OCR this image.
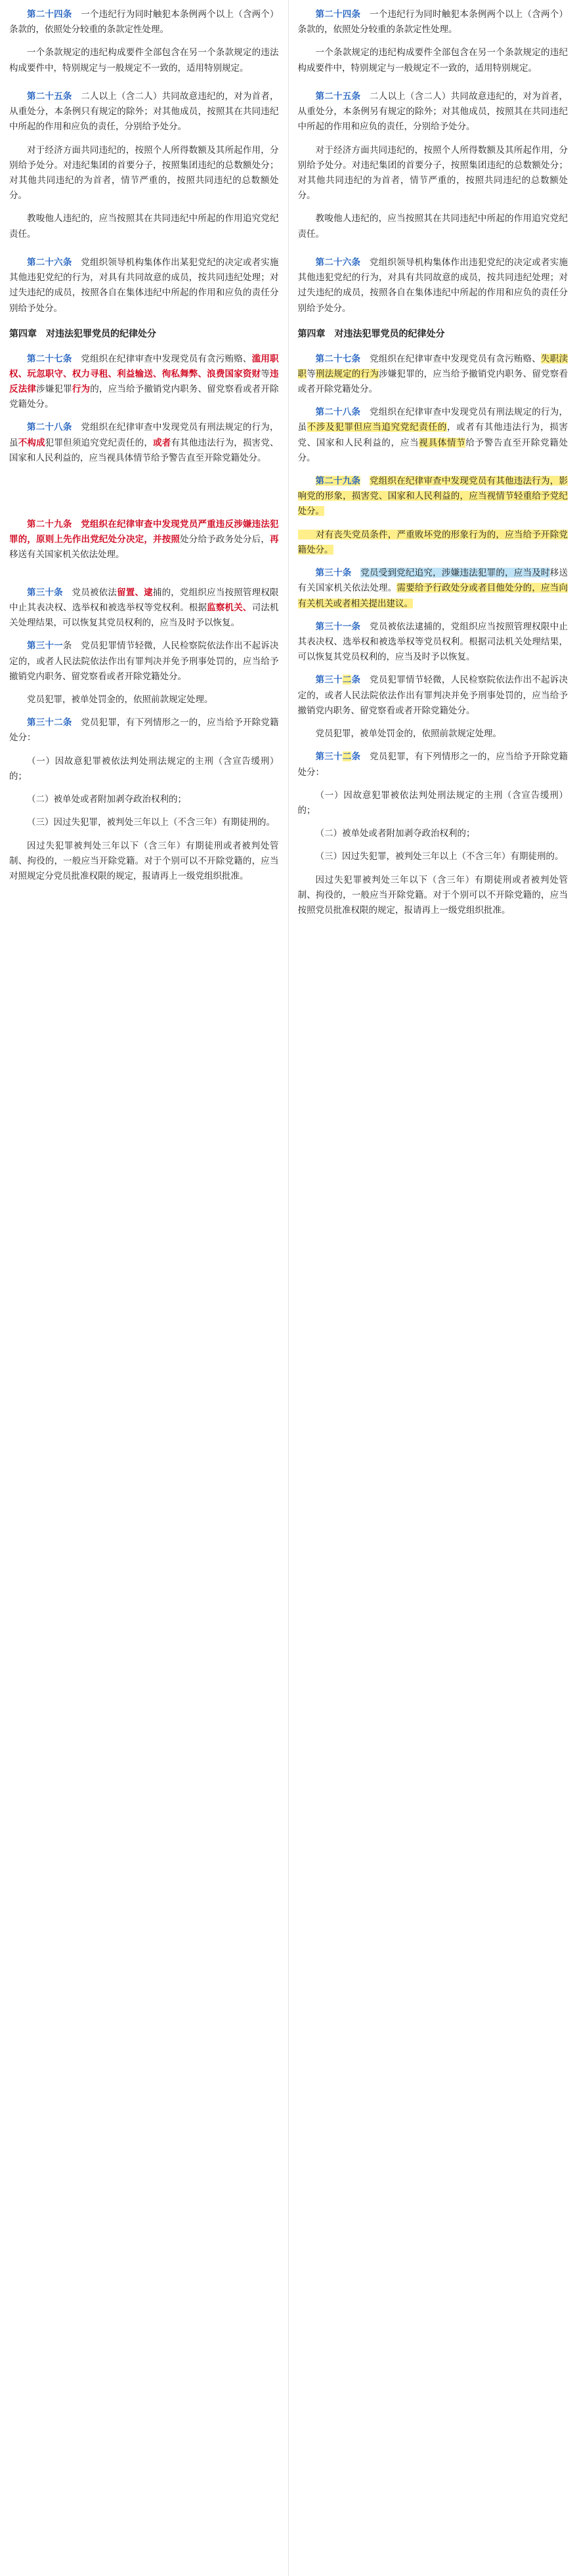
第二十四条　一个违纪行为同时触犯本条例两个以上（含两个）条款的，依照处分较重的条款定性处理。

一个条款规定的违纪构成要件全部包含在另一个条款规定的违法构成要件中，特别规定与一般规定不一致的，适用特别规定。

第二十五条　二人以上（含二人）共同故意违纪的，对为首者，从重处分，本条例只有规定的除外；对其他成员，按照其在共同违纪中所起的作用和应负的责任，分别给予处分。

对于经济方面共同违纪的，按照个人所得数额及其所起作用，分别给予处分。对违纪集团的首要分子，按照集团违纪的总数额处分；对其他共同违纪的为首者，情节严重的，按照共同违纪的总数额处分。

教唆他人违纪的，应当按照其在共同违纪中所起的作用追究党纪责任。

第二十六条　党组织领导机构集体作出某犯党纪的决定或者实施其他违犯党纪的行为，对具有共同故意的成员，按共同违纪处理；对过失违纪的成员，按照各自在集体违纪中所起的作用和应负的责任分别给予处分。

第四章　对违法犯罪党员的纪律处分

第二十七条　党组织在纪律审查中发现党员有贪污贿赂、滥用职权、玩忽职守、权力寻租、利益输送、徇私舞弊、浪费国家资财等违反法律涉嫌犯罪行为的，应当给予撤销党内职务、留党察看或者开除党籍处分。

第二十八条　党组织在纪律审查中发现党员有刑法规定的行为，虽不构成犯罪但须追究党纪责任的，或者有其他违法行为，损害党、国家和人民利益的，应当视具体情节给予警告直至开除党籍处分。

第二十九条　 党组织在纪律审查中发现党员严重违反涉嫌违法犯罪的，原则上先作出党纪处分决定，并按照处分给予政务处分后，再移送有关国家机关依法处理。

第三十条　党员被依法留置、逮捕的，党组织应当按照管理权限中止其表决权、选举权和被选举权等党权利。根据监察机关、司法机关处理结果，可以恢复其党员权利的，应当及时予以恢复。

第三十一条　党员犯罪情节轻微，人民检察院依法作出不起诉决定的，或者人民法院依法作出有罪判决并免予刑事处罚的，应当给予撤销党内职务、留党察看或者开除党籍处分。

党员犯罪，被单处罚金的，依照前款规定处理。

第三十二条　党员犯罪，有下列情形之一的，应当给予开除党籍处分：

（一）因故意犯罪被依法判处刑法规定的主刑（含宣告缓刑）的；

（二）被单处或者附加剥夺政治权利的；

（三）因过失犯罪，被判处三年以上（不含三年）有期徒刑的。

因过失犯罪被判处三年以下（含三年）有期徒刑或者被判处管制、拘役的，一般应当开除党籍。对于个别可以不开除党籍的，应当对照规定分党员批准权限的规定，报请再上一级党组织批准。

第二十四条　一个违纪行为同时触犯本条例两个以上（含两个）条款的，依照处分较重的条款定性处理。

一个条款规定的违纪构成要件全部包含在另一个条款规定的违纪构成要件中，特别规定与一般规定不一致的，适用特别规定。

第二十五条　二人以上（含二人）共同故意违纪的，对为首者，从重处分，本条例另有规定的除外；对其他成员，按照其在共同违纪中所起的作用和应负的责任，分别给予处分。

对于经济方面共同违纪的，按照个人所得数额及其所起作用，分别给予处分。对违纪集团的首要分子，按照集团违纪的总数额处分；对其他共同违纪的为首者，情节严重的，按照共同违纪的总数额处分。

教唆他人违纪的，应当按照其在共同违纪中所起的作用追究党纪责任。

第二十六条　党组织领导机构集体作出违犯党纪的决定或者实施其他违犯党纪的行为，对具有共同故意的成员，按共同违纪处理；对过失违纪的成员，按照各自在集体违纪中所起的作用和应负的责任分别给予处分。

第四章　对违法犯罪党员的纪律处分

第二十七条　党组织在纪律审查中发现党员有贪污贿赂、失职渎职等刑法规定的行为涉嫌犯罪的，应当给予撤销党内职务、留党察看或者开除党籍处分。

第二十八条　党组织在纪律审查中发现党员有刑法规定的行为，虽不涉及犯罪但应当追究党纪责任的，或者有其他违法行为，损害党、国家和人民利益的，应当视具体情节给予警告直至开除党籍处分。

第二十九条　 党组织在纪律审查中发现党员有其他违法行为，影响党的形象，损害党、国家和人民利益的，应当视情节轻重给予党纪处分。

　　对有丧失党员条件，严重败坏党的形象行为的，应当给予开除党籍处分。

第三十条　 党员受到党纪追究，涉嫌违法犯罪的，应当及时移送有关国家机关依法处理。需要给予行政处分或者目他处分的，应当向有关机关或者相关提出建议。

第三十一条　党员被依法逮捕的，党组织应当按照管理权限中止其表决权、选举权和被选举权等党员权利。根据司法机关处理结果，可以恢复其党员权利的，应当及时予以恢复。

第三十二条　党员犯罪情节轻微，人民检察院依法作出不起诉决定的，或者人民法院依法作出有罪判决并免予刑事处罚的，应当给予撤销党内职务、留党察看或者开除党籍处分。

党员犯罪，被单处罚金的，依照前款规定处理。

第三十二条　党员犯罪，有下列情形之一的，应当给予开除党籍处分：

（一）因故意犯罪被依法判处刑法规定的主刑（含宣告缓刑）的；

（二）被单处或者附加剥夺政治权利的；

（三）因过失犯罪，被判处三年以上（不含三年）有期徒刑的。

因过失犯罪被判处三年以下（含三年）有期徒刑或者被判处管制、拘役的，一般应当开除党籍。对于个别可以不开除党籍的，应当按照党员批准权限的规定，报请再上一级党组织批准。
